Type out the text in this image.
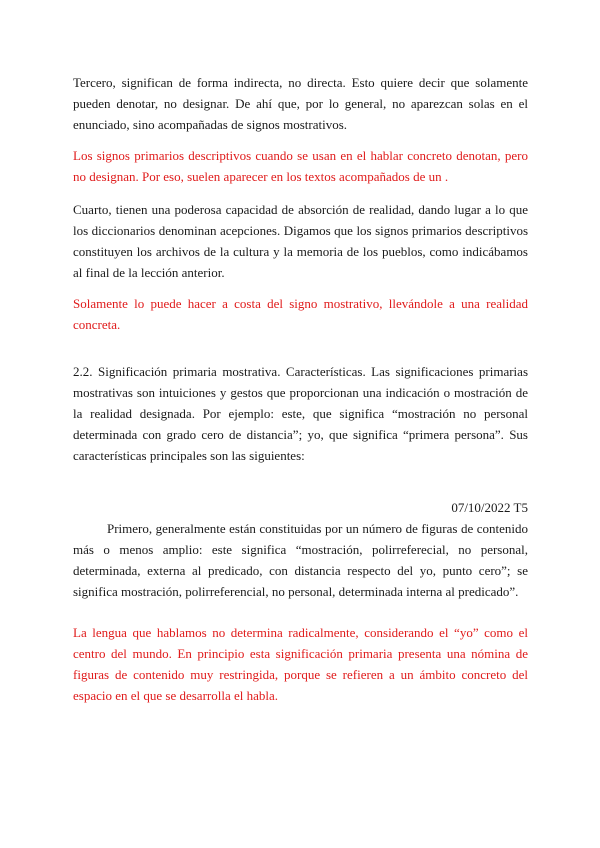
Tercero, significan de forma indirecta, no directa. Esto quiere decir que solamente pueden denotar, no designar. De ahí que, por lo general, no aparezcan solas en el enunciado, sino acompañadas de signos mostrativos.

Los signos primarios descriptivos cuando se usan en el hablar concreto denotan, pero no designan. Por eso, suelen aparecer en los textos acompañados de un .

Cuarto, tienen una poderosa capacidad de absorción de realidad, dando lugar a lo que los diccionarios denominan acepciones. Digamos que los signos primarios descriptivos constituyen los archivos de la cultura y la memoria de los pueblos, como indicábamos al final de la lección anterior.

Solamente lo puede hacer a costa del signo mostrativo, llevándole a una realidad concreta.

2.2. Significación primaria mostrativa. Características. Las significaciones primarias mostrativas son intuiciones y gestos que proporcionan una indicación o mostración de la realidad designada. Por ejemplo: este, que significa “mostración no personal determinada con grado cero de distancia”; yo, que significa “primera persona”. Sus características principales son las siguientes:

07/10/2022 T5

Primero, generalmente están constituidas por un número de figuras de contenido más o menos amplio: este significa “mostración, polirreferecial, no personal, determinada, externa al predicado, con distancia respecto del yo, punto cero”; se significa mostración, polirreferencial, no personal, determinada interna al predicado”.

La lengua que hablamos no determina radicalmente, considerando el “yo” como el centro del mundo. En principio esta significación primaria presenta una nómina de figuras de contenido muy restringida, porque se refieren a un ámbito concreto del espacio en el que se desarrolla el habla.
